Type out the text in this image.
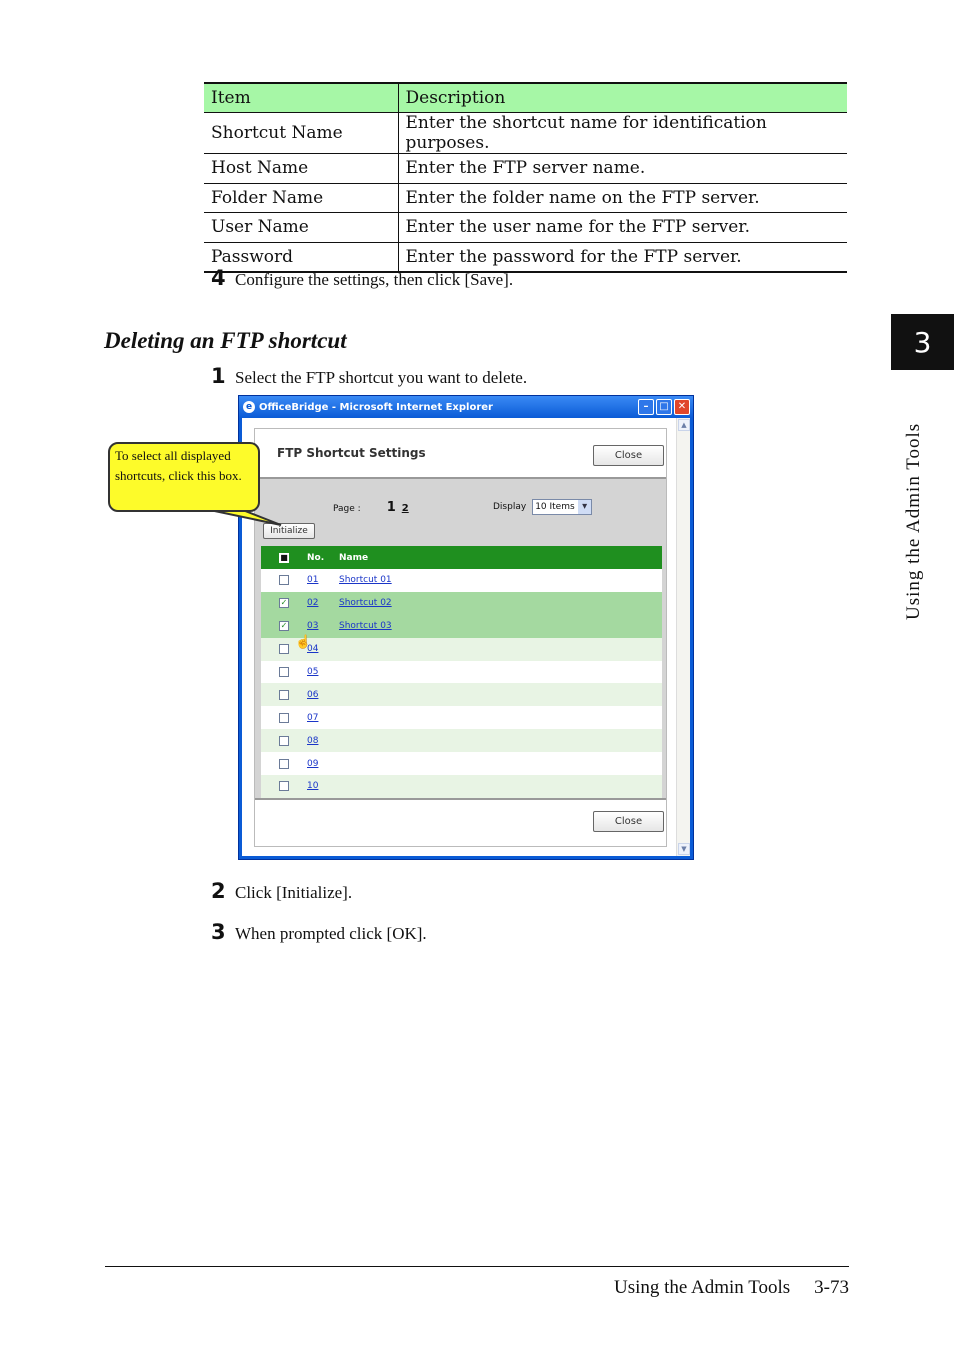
Item	Description
Shortcut Name	Enter the shortcut name for identification purposes.
Host Name	Enter the FTP server name.
Folder Name	Enter the folder name on the FTP server.
User Name	Enter the user name for the FTP server.
Password	Enter the password for the FTP server.
4 Configure the settings, then click [Save].
Deleting an FTP shortcut
1 Select the FTP shortcut you want to delete.
e OfficeBridge - Microsoft Internet Explorer	–	□ ✕
▲
▼
FTP Shortcut Settings	Close
Page : 1 2	Display	10 Items ▾
Initialize
■ No.	Name
01	Shortcut 01
✓ 02	Shortcut 02
✓ 03	Shortcut 03
04
05
06
07
08
09
10
☝
Close
To select all displayed shortcuts, click this box.
2 Click [Initialize].
3 When prompted click [OK].
3
Using the Admin Tools
Using the Admin Tools 3-73
